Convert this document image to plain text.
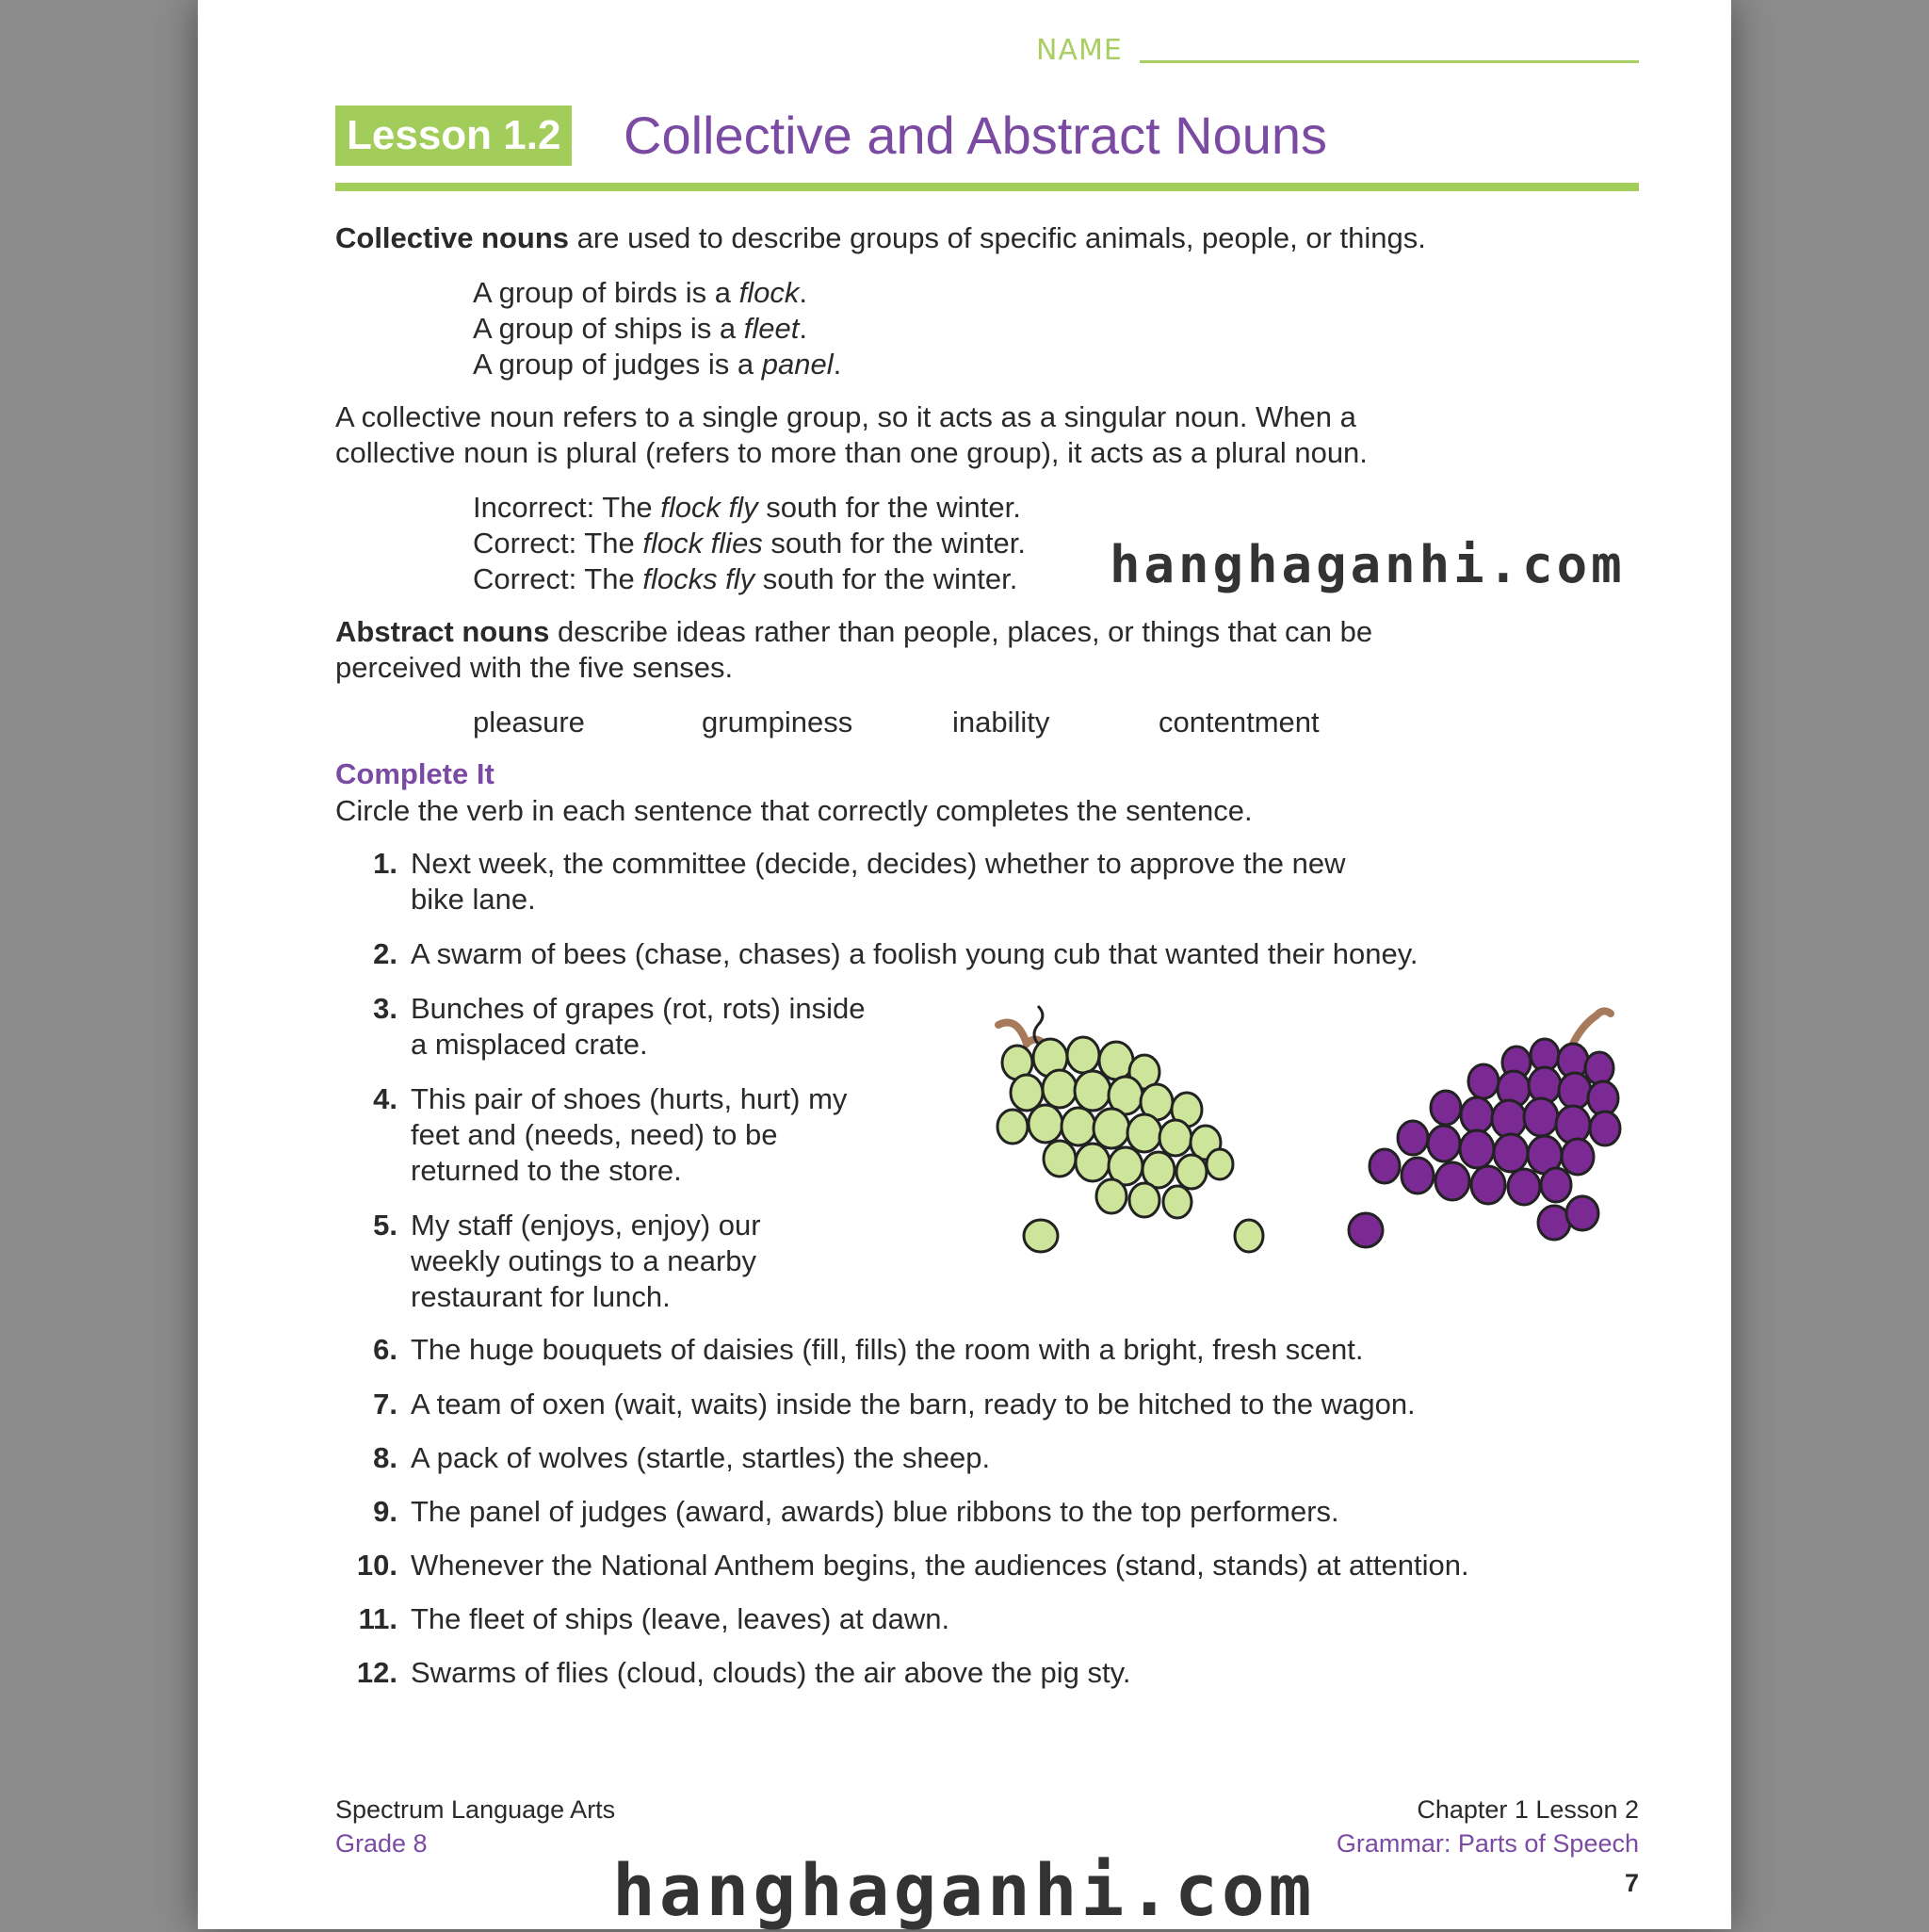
NAME
Lesson 1.2 Collective and Abstract Nouns
Collective nouns are used to describe groups of specific animals, people, or things.
A group of birds is a flock.
A group of ships is a fleet.
A group of judges is a panel.
A collective noun refers to a single group, so it acts as a singular noun. When a
collective noun is plural (refers to more than one group), it acts as a plural noun.
Incorrect: The flock fly south for the winter.
Correct: The flock flies south for the winter.
Correct: The flocks fly south for the winter.
Abstract nouns describe ideas rather than people, places, or things that can be
perceived with the five senses.
pleasure	grumpiness	inability	contentment
Complete It
Circle the verb in each sentence that correctly completes the sentence.
1. Next week, the committee (decide, decides) whether to approve the new
bike lane.
2. A swarm of bees (chase, chases) a foolish young cub that wanted their honey.
3. Bunches of grapes (rot, rots) inside
a misplaced crate.
4. This pair of shoes (hurts, hurt) my
feet and (needs, need) to be
returned to the store.
5. My staff (enjoys, enjoy) our
weekly outings to a nearby
restaurant for lunch.
6. The huge bouquets of daisies (fill, fills) the room with a bright, fresh scent.
7. A team of oxen (wait, waits) inside the barn, ready to be hitched to the wagon.
8. A pack of wolves (startle, startles) the sheep.
9. The panel of judges (award, awards) blue ribbons to the top performers.
10. Whenever the National Anthem begins, the audiences (stand, stands) at attention.
11. The fleet of ships (leave, leaves) at dawn.
12. Swarms of flies (cloud, clouds) the air above the pig sty.
Spectrum Language Arts
Grade 8
Chapter 1 Lesson 2
Grammar: Parts of Speech
7
hanghaganhi.com
hanghaganhi.com
